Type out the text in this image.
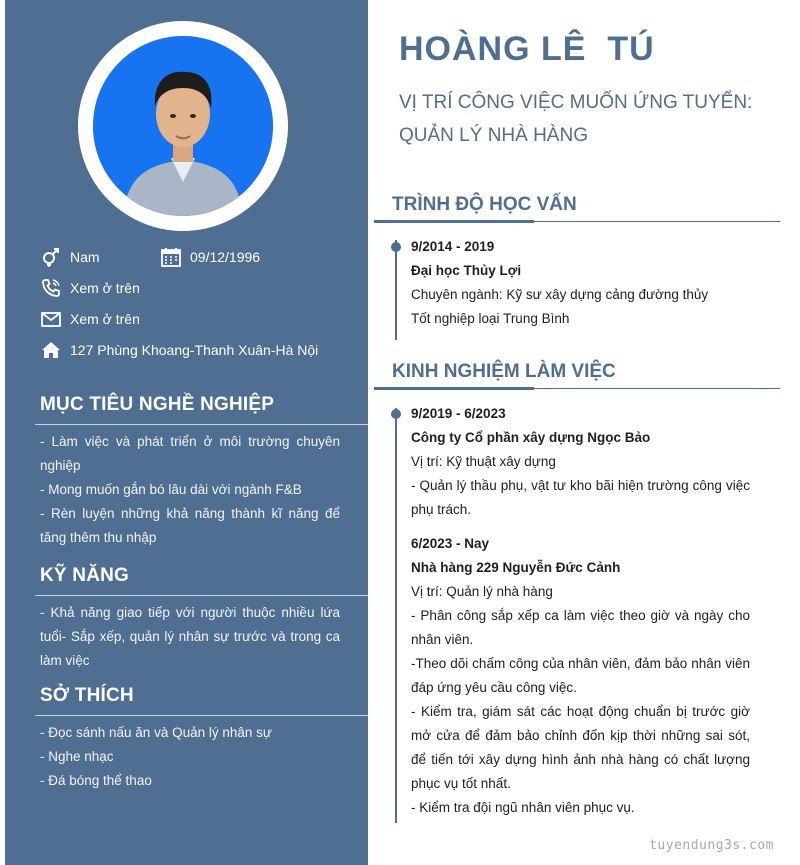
Nam	09/12/1996
Xem ở trên
Xem ở trên
127 Phùng Khoang-Thanh Xuân-Hà Nội
MỤC TIÊU NGHỀ NGHIỆP

- Làm việc và phát triển ở môi trường chuyên nghiệp

- Mong muốn gắn bó lâu dài với ngành F&B

- Rèn luyện những khả năng thành kĩ năng để tăng thêm thu nhập

KỸ NĂNG

- Khả năng giao tiếp với người thuộc nhiều lứa tuổi- Sắp xếp, quản lý nhân sự trước và trong ca làm việc

SỞ THÍCH

- Đọc sánh nấu ăn và Quản lý nhân sự

- Nghe nhạc

- Đá bóng thể thao

HOÀNG LÊ  TÚ
VỊ TRÍ CÔNG VIỆC MUỐN ỨNG TUYỂN: QUẢN LÝ NHÀ HÀNG
TRÌNH ĐỘ HỌC VẤN

9/2014 - 2019

Đại học Thủy Lợi

Chuyên ngành: Kỹ sư xây dựng cảng đường thủy

Tốt nghiệp loại Trung Bình

KINH NGHIỆM LÀM VIỆC

9/2019 - 6/2023

Công ty Cổ phần xây dựng Ngọc Bảo

Vị trí: Kỹ thuật xây dựng

- Quản lý thầu phụ, vật tư kho bãi hiện trường công việc phụ trách.

6/2023 - Nay

Nhà hàng 229 Nguyễn Đức Cảnh

Vị trí: Quản lý nhà hàng

- Phân công sắp xếp ca làm việc theo giờ và ngày cho nhân viên.

-Theo dõi chấm công của nhân viên, đảm bảo nhân viên đáp ứng yêu cầu công việc.

- Kiểm tra, giám sát các hoạt động chuẩn bị trước giờ mở cửa để đảm bảo chỉnh đốn kịp thời những sai sót, để tiến tới xây dựng hình ảnh nhà hàng có chất lượng phục vụ tốt nhất.

- Kiểm tra đội ngũ nhân viên phục vụ.

tuyendung3s.com
